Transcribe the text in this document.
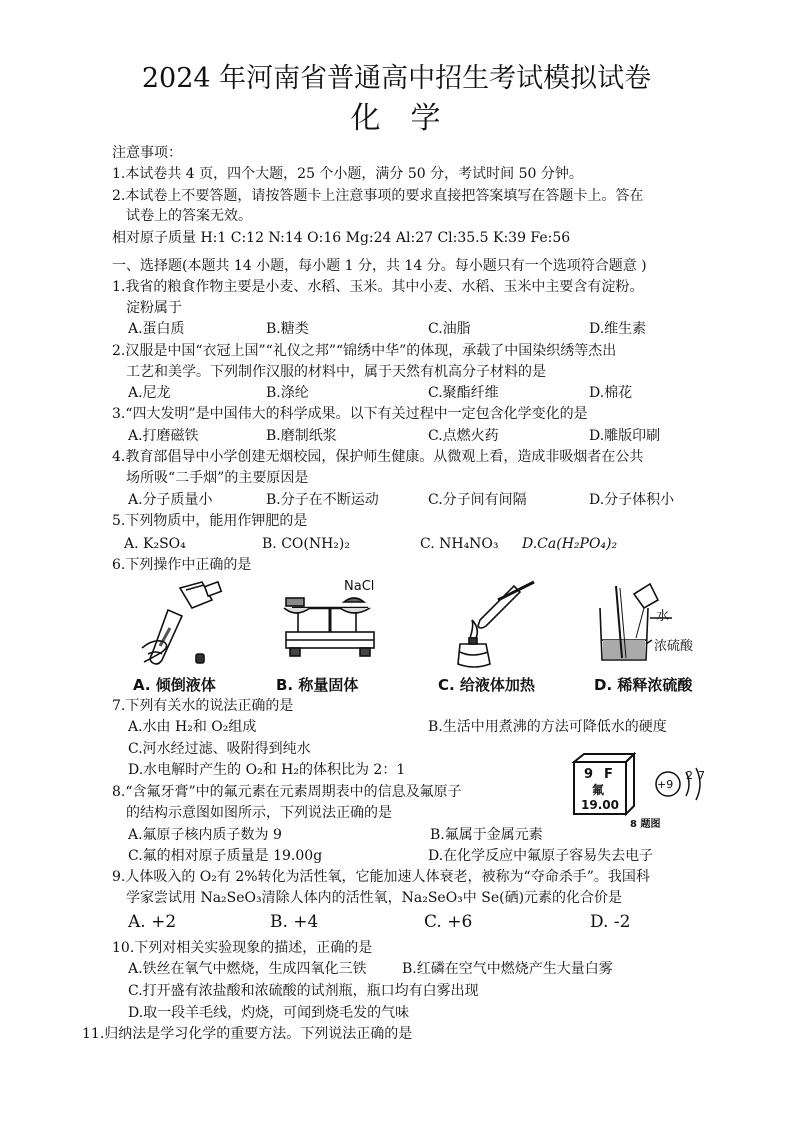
2024 年河南省普通高中招生考试模拟试卷
化 学
注意事项：
1.本试卷共 4 页，四个大题，25 个小题，满分 50 分，考试时间 50 分钟。
2.本试卷上不要答题，请按答题卡上注意事项的要求直接把答案填写在答题卡上。答在
试卷上的答案无效。
相对原子质量 H:1 C:12 N:14 O:16 Mg:24 Al:27 Cl:35.5 K:39 Fe:56
一、选择题(本题共 14 小题，每小题 1 分，共 14 分。每小题只有一个选项符合题意 )
1.我省的粮食作物主要是小麦、水稻、玉米。其中小麦、水稻、玉米中主要含有淀粉。
淀粉属于
A.蛋白质	B.糖类	C.油脂	D.维生素
2.汉服是中国“衣冠上国”“礼仪之邦”“锦绣中华”的体现，承载了中国染织绣等杰出
工艺和美学。下列制作汉服的材料中，属于天然有机高分子材料的是
A.尼龙	B.涤纶	C.聚酯纤维	D.棉花
3.“四大发明”是中国伟大的科学成果。以下有关过程中一定包含化学变化的是
A.打磨磁铁	B.磨制纸浆	C.点燃火药	D.雕版印刷
4.教育部倡导中小学创建无烟校园，保护师生健康。从微观上看，造成非吸烟者在公共
场所吸“二手烟”的主要原因是
A.分子质量小	B.分子在不断运动	C.分子间有间隔	D.分子体积小
5.下列物质中，能用作钾肥的是
A. K₂SO₄	B. CO(NH₂)₂	C. NH₄NO₃ D.Ca(H₂PO₄)₂
6.下列操作中正确的是
A. 倾倒液体
NaCl
B. 称量固体	C. 给液体加热
水
浓硫酸
D. 稀释浓硫酸
7.下列有关水的说法正确的是
A.水由 H₂和 O₂组成	B.生活中用煮沸的方法可降低水的硬度
C.河水经过滤、吸附得到纯水
D.水电解时产生的 O₂和 H₂的体积比为 2：1
8.“含氟牙膏”中的氟元素在元素周期表中的信息及氟原子
的结构示意图如图所示，下列说法正确的是
A.氟原子核内质子数为 9	B.氟属于金属元素
C.氟的相对原子质量是 19.00g	D.在化学反应中氟原子容易失去电子
9 F
氟
19.00
+9
2 7
8 题图
9.人体吸入的 O₂有 2%转化为活性氧，它能加速人体衰老，被称为“夺命杀手”。我国科
学家尝试用 Na₂SeO₃清除人体内的活性氧，Na₂SeO₃中 Se(硒)元素的化合价是
A. +2	B. +4	C. +6	D. -2
10.下列对相关实验现象的描述，正确的是
A.铁丝在氧气中燃烧，生成四氧化三铁	B.红磷在空气中燃烧产生大量白雾
C.打开盛有浓盐酸和浓硫酸的试剂瓶，瓶口均有白雾出现
D.取一段羊毛线，灼烧，可闻到烧毛发的气味
11.归纳法是学习化学的重要方法。下列说法正确的是
